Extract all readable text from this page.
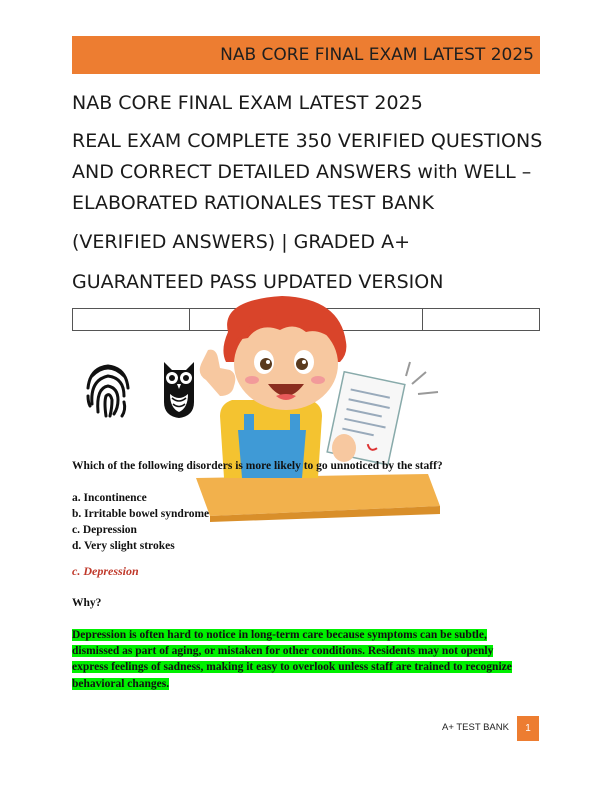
NAB CORE FINAL EXAM LATEST 2025
NAB CORE FINAL EXAM LATEST 2025
REAL EXAM COMPLETE 350 VERIFIED QUESTIONS
AND CORRECT DETAILED ANSWERS with WELL –
ELABORATED RATIONALES TEST BANK
(VERIFIED ANSWERS) | GRADED A+
GUARANTEED PASS UPDATED VERSION

Which of the following disorders is more likely to go unnoticed by the staff?
a. Incontinence
b. Irritable bowel syndrome
c. Depression
d. Very slight strokes
c. Depression
Why?
Depression is often hard to notice in long-term care because symptoms can be subtle,
dismissed as part of aging, or mistaken for other conditions. Residents may not openly
express feelings of sadness, making it easy to overlook unless staff are trained to recognize
behavioral changes.
A+ TEST BANK	1
